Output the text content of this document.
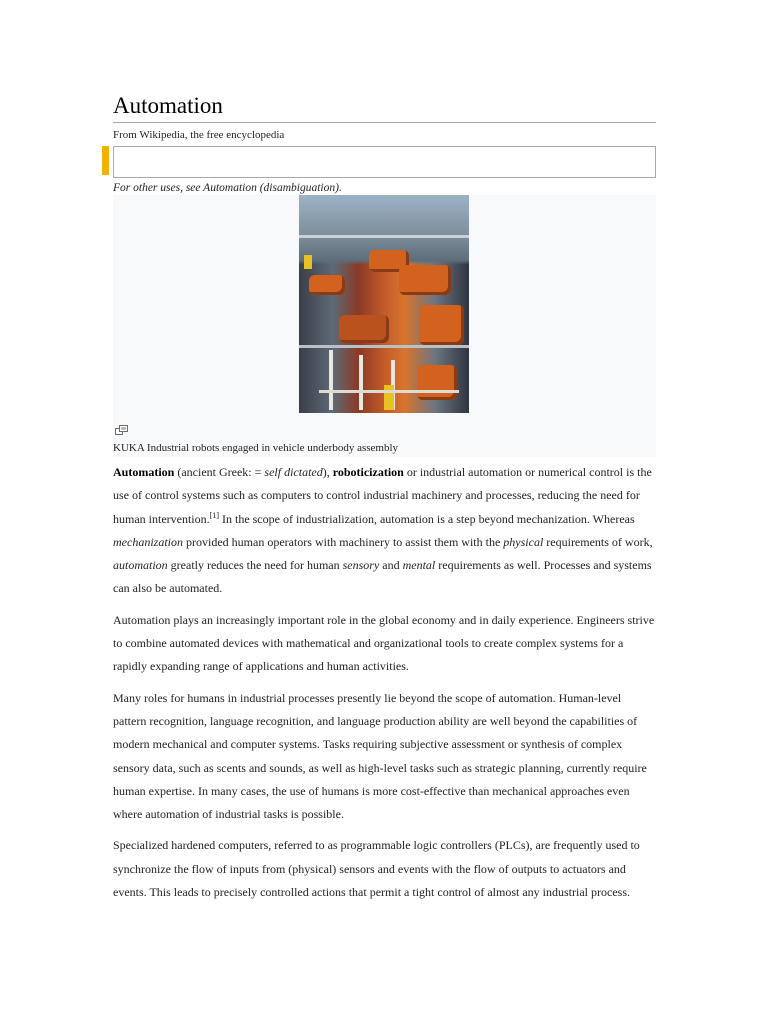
Automation
From Wikipedia, the free encyclopedia
For other uses, see Automation (disambiguation).
KUKA Industrial robots engaged in vehicle underbody assembly

Automation (ancient Greek: = self dictated), roboticization or industrial automation or numerical control is the use of control systems such as computers to control industrial machinery and processes, reducing the need for human intervention.[1] In the scope of industrialization, automation is a step beyond mechanization. Whereas mechanization provided human operators with machinery to assist them with the physical requirements of work, automation greatly reduces the need for human sensory and mental requirements as well. Processes and systems can also be automated.

Automation plays an increasingly important role in the global economy and in daily experience. Engineers strive to combine automated devices with mathematical and organizational tools to create complex systems for a rapidly expanding range of applications and human activities.

Many roles for humans in industrial processes presently lie beyond the scope of automation. Human-level pattern recognition, language recognition, and language production ability are well beyond the capabilities of modern mechanical and computer systems. Tasks requiring subjective assessment or synthesis of complex sensory data, such as scents and sounds, as well as high-level tasks such as strategic planning, currently require human expertise. In many cases, the use of humans is more cost-effective than mechanical approaches even where automation of industrial tasks is possible.

Specialized hardened computers, referred to as programmable logic controllers (PLCs), are frequently used to synchronize the flow of inputs from (physical) sensors and events with the flow of outputs to actuators and events. This leads to precisely controlled actions that permit a tight control of almost any industrial process.
